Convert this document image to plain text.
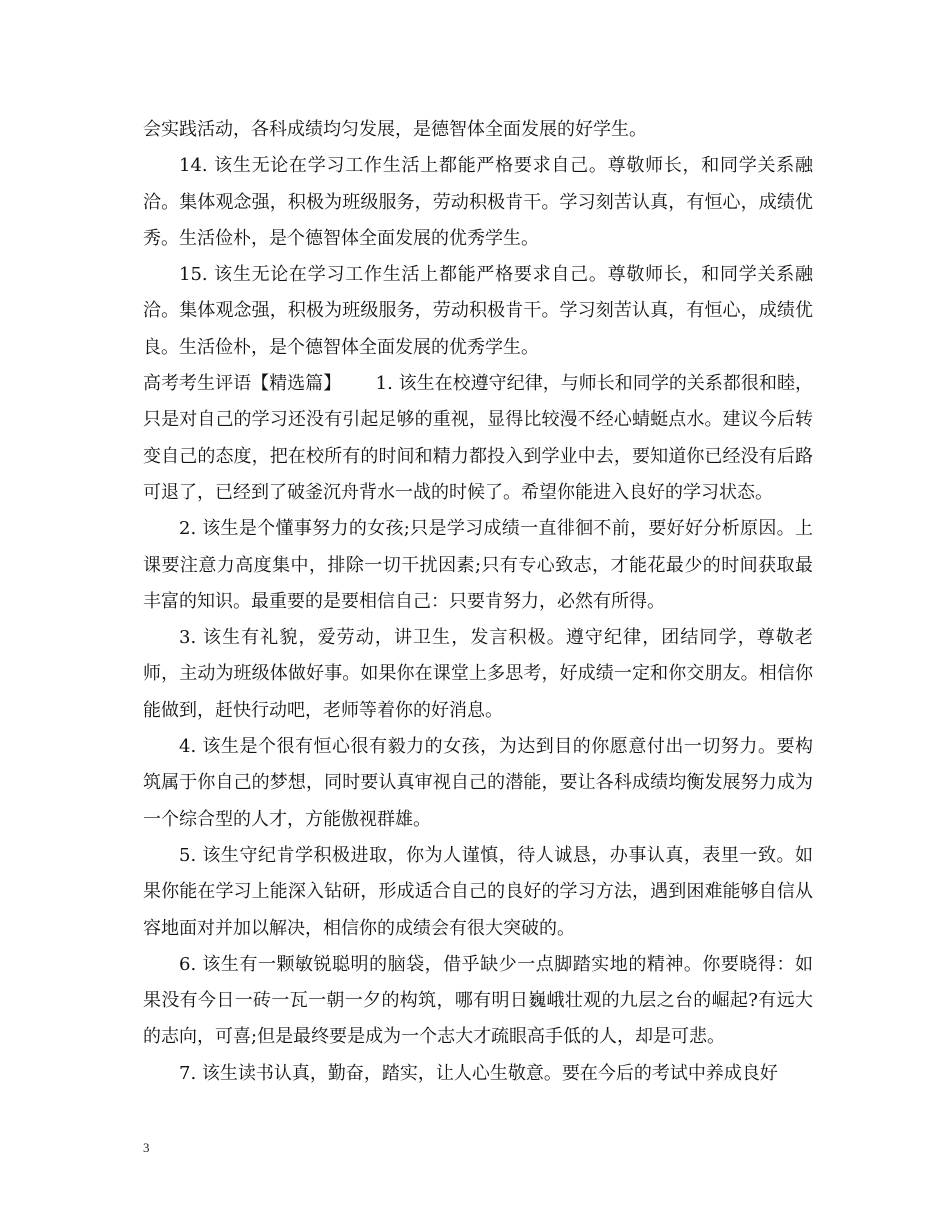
会实践活动，各科成绩均匀发展，是德智体全面发展的好学生。

14. 该生无论在学习工作生活上都能严格要求自己。尊敬师长，和同学关系融洽。集体观念强，积极为班级服务，劳动积极肯干。学习刻苦认真，有恒心，成绩优秀。生活俭朴，是个德智体全面发展的优秀学生。

15. 该生无论在学习工作生活上都能严格要求自己。尊敬师长，和同学关系融洽。集体观念强，积极为班级服务，劳动积极肯干。学习刻苦认真，有恒心，成绩优良。生活俭朴，是个德智体全面发展的优秀学生。

高考考生评语【精选篇】      1. 该生在校遵守纪律，与师长和同学的关系都很和睦，只是对自己的学习还没有引起足够的重视，显得比较漫不经心蜻蜓点水。建议今后转变自己的态度，把在校所有的时间和精力都投入到学业中去，要知道你已经没有后路可退了，已经到了破釜沉舟背水一战的时候了。希望你能进入良好的学习状态。

2. 该生是个懂事努力的女孩;只是学习成绩一直徘徊不前，要好好分析原因。上课要注意力高度集中，排除一切干扰因素;只有专心致志，才能花最少的时间获取最丰富的知识。最重要的是要相信自己：只要肯努力，必然有所得。

3. 该生有礼貌，爱劳动，讲卫生，发言积极。遵守纪律，团结同学，尊敬老师，主动为班级体做好事。如果你在课堂上多思考，好成绩一定和你交朋友。相信你能做到，赶快行动吧，老师等着你的好消息。

4. 该生是个很有恒心很有毅力的女孩，为达到目的你愿意付出一切努力。要构筑属于你自己的梦想，同时要认真审视自己的潜能，要让各科成绩均衡发展努力成为一个综合型的人才，方能傲视群雄。

5. 该生守纪肯学积极进取，你为人谨慎，待人诚恳，办事认真，表里一致。如果你能在学习上能深入钻研，形成适合自己的良好的学习方法，遇到困难能够自信从容地面对并加以解决，相信你的成绩会有很大突破的。

6. 该生有一颗敏锐聪明的脑袋，借乎缺少一点脚踏实地的精神。你要晓得：如果没有今日一砖一瓦一朝一夕的构筑，哪有明日巍峨壮观的九层之台的崛起?有远大的志向，可喜;但是最终要是成为一个志大才疏眼高手低的人，却是可悲。

7. 该生读书认真，勤奋，踏实，让人心生敬意。要在今后的考试中养成良好

3
